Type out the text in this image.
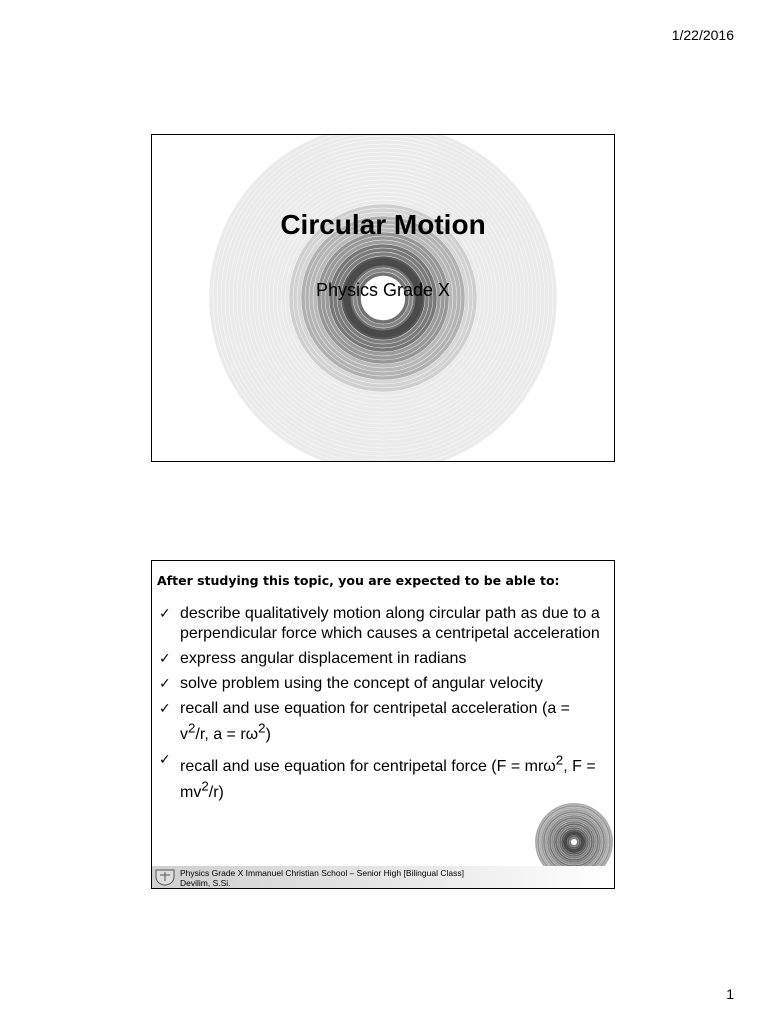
1/22/2016
Circular Motion
Physics Grade X
After studying this topic, you are expected to be able to:
✓ describe qualitatively motion along circular path as due to a perpendicular force which causes a centripetal acceleration
✓ express angular displacement in radians
✓ solve problem using the concept of angular velocity
✓ recall and use equation for centripetal acceleration ($a = v^2/r$, $a = r\omega^2$)
✓ recall and use equation for centripetal force (F = mrω$^2$, $F = mv^2/r$)
Physics Grade X Immanuel Christian School – Senior High [Bilingual Class]
Devilim, S.Si.
1
